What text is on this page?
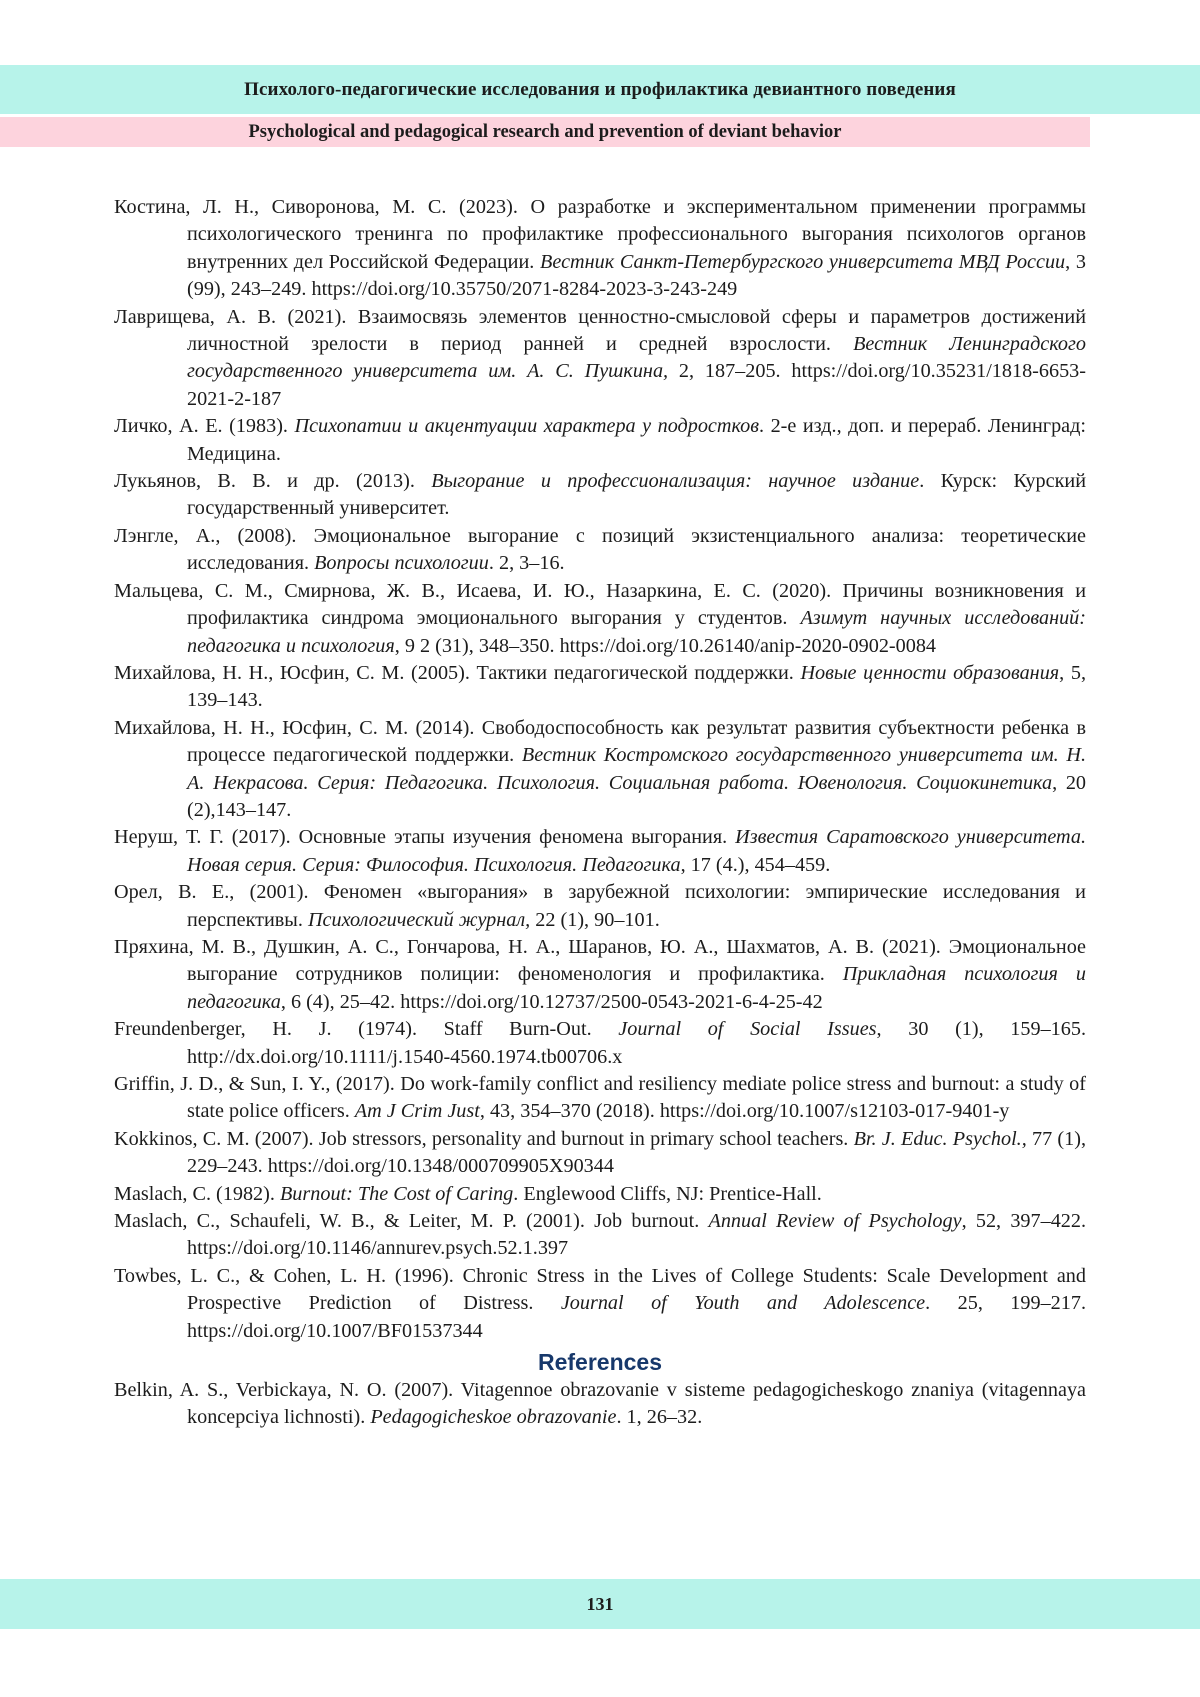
Психолого-педагогические исследования и профилактика девиантного поведения
Psychological and pedagogical research and prevention of deviant behavior

Костина, Л. Н., Сиворонова, М. С. (2023). О разработке и экспериментальном применении программы психологического тренинга по профилактике профессионального выгорания психологов органов внутренних дел Российской Федерации. Вестник Санкт-Петербургского университета МВД России, 3 (99), 243–249. https://doi.org/10.35750/2071-8284-2023-3-243-249

Лаврищева, А. В. (2021). Взаимосвязь элементов ценностно-смысловой сферы и параметров достижений личностной зрелости в период ранней и средней взрослости. Вестник Ленинградского государственного университета им. А. С. Пушкина, 2, 187–205. https://doi.org/10.35231/1818-6653-2021-2-187

Личко, А. Е. (1983). Психопатии и акцентуации характера у подростков. 2-е изд., доп. и перераб. Ленинград: Медицина.

Лукьянов, В. В. и др. (2013). Выгорание и профессионализация: научное издание. Курск: Курский государственный университет.

Лэнгле, А., (2008). Эмоциональное выгорание с позиций экзистенциального анализа: теоретические исследования. Вопросы психологии. 2, 3–16.

Мальцева, С. М., Смирнова, Ж. В., Исаева, И. Ю., Назаркина, Е. С. (2020). Причины возникновения и профилактика синдрома эмоционального выгорания у студентов. Азимут научных исследований: педагогика и психология, 9 2 (31), 348–350. https://doi.org/10.26140/anip-2020-0902-0084

Михайлова, Н. Н., Юсфин, С. М. (2005). Тактики педагогической поддержки. Новые ценности образования, 5, 139–143.

Михайлова, Н. Н., Юсфин, С. М. (2014). Свободоспособность как результат развития субъектности ребенка в процессе педагогической поддержки. Вестник Костромского государственного университета им. Н. А. Некрасова. Серия: Педагогика. Психология. Социальная работа. Ювенология. Социокинетика, 20 (2),143–147.

Неруш, Т. Г. (2017). Основные этапы изучения феномена выгорания. Известия Саратовского университета. Новая серия. Серия: Философия. Психология. Педагогика, 17 (4.), 454–459.

Орел, В. Е., (2001). Феномен «выгорания» в зарубежной психологии: эмпирические исследования и перспективы. Психологический журнал, 22 (1), 90–101.

Пряхина, М. В., Душкин, А. С., Гончарова, Н. А., Шаранов, Ю. А., Шахматов, А. В. (2021). Эмоциональное выгорание сотрудников полиции: феноменология и профилактика. Прикладная психология и педагогика, 6 (4), 25–42. https://doi.org/10.12737/2500-0543-2021-6-4-25-42

Freundenberger, H. J. (1974). Staff Burn-Out. Journal of Social Issues, 30 (1), 159–165. http://dx.doi.org/10.1111/j.1540-4560.1974.tb00706.x

Griffin, J. D., & Sun, I. Y., (2017). Do work-family conflict and resiliency mediate police stress and burnout: a study of state police officers. Am J Crim Just, 43, 354–370 (2018). https://doi.org/10.1007/s12103-017-9401-y

Kokkinos, C. M. (2007). Job stressors, personality and burnout in primary school teachers. Br. J. Educ. Psychol., 77 (1), 229–243. https://doi.org/10.1348/000709905X90344

Maslach, C. (1982). Burnout: The Cost of Caring. Englewood Cliffs, NJ: Prentice-Hall.

Maslach, C., Schaufeli, W. B., & Leiter, M. P. (2001). Job burnout. Annual Review of Psychology, 52, 397–422. https://doi.org/10.1146/annurev.psych.52.1.397

Towbes, L. C., & Cohen, L. H. (1996). Chronic Stress in the Lives of College Students: Scale Development and Prospective Prediction of Distress. Journal of Youth and Adolescence. 25, 199–217. https://doi.org/10.1007/BF01537344

References

Belkin, A. S., Verbickaya, N. O. (2007). Vitagennoe obrazovanie v sisteme pedagogicheskogo znaniya (vitagennaya koncepciya lichnosti). Pedagogicheskoe obrazovanie. 1, 26–32.

131
